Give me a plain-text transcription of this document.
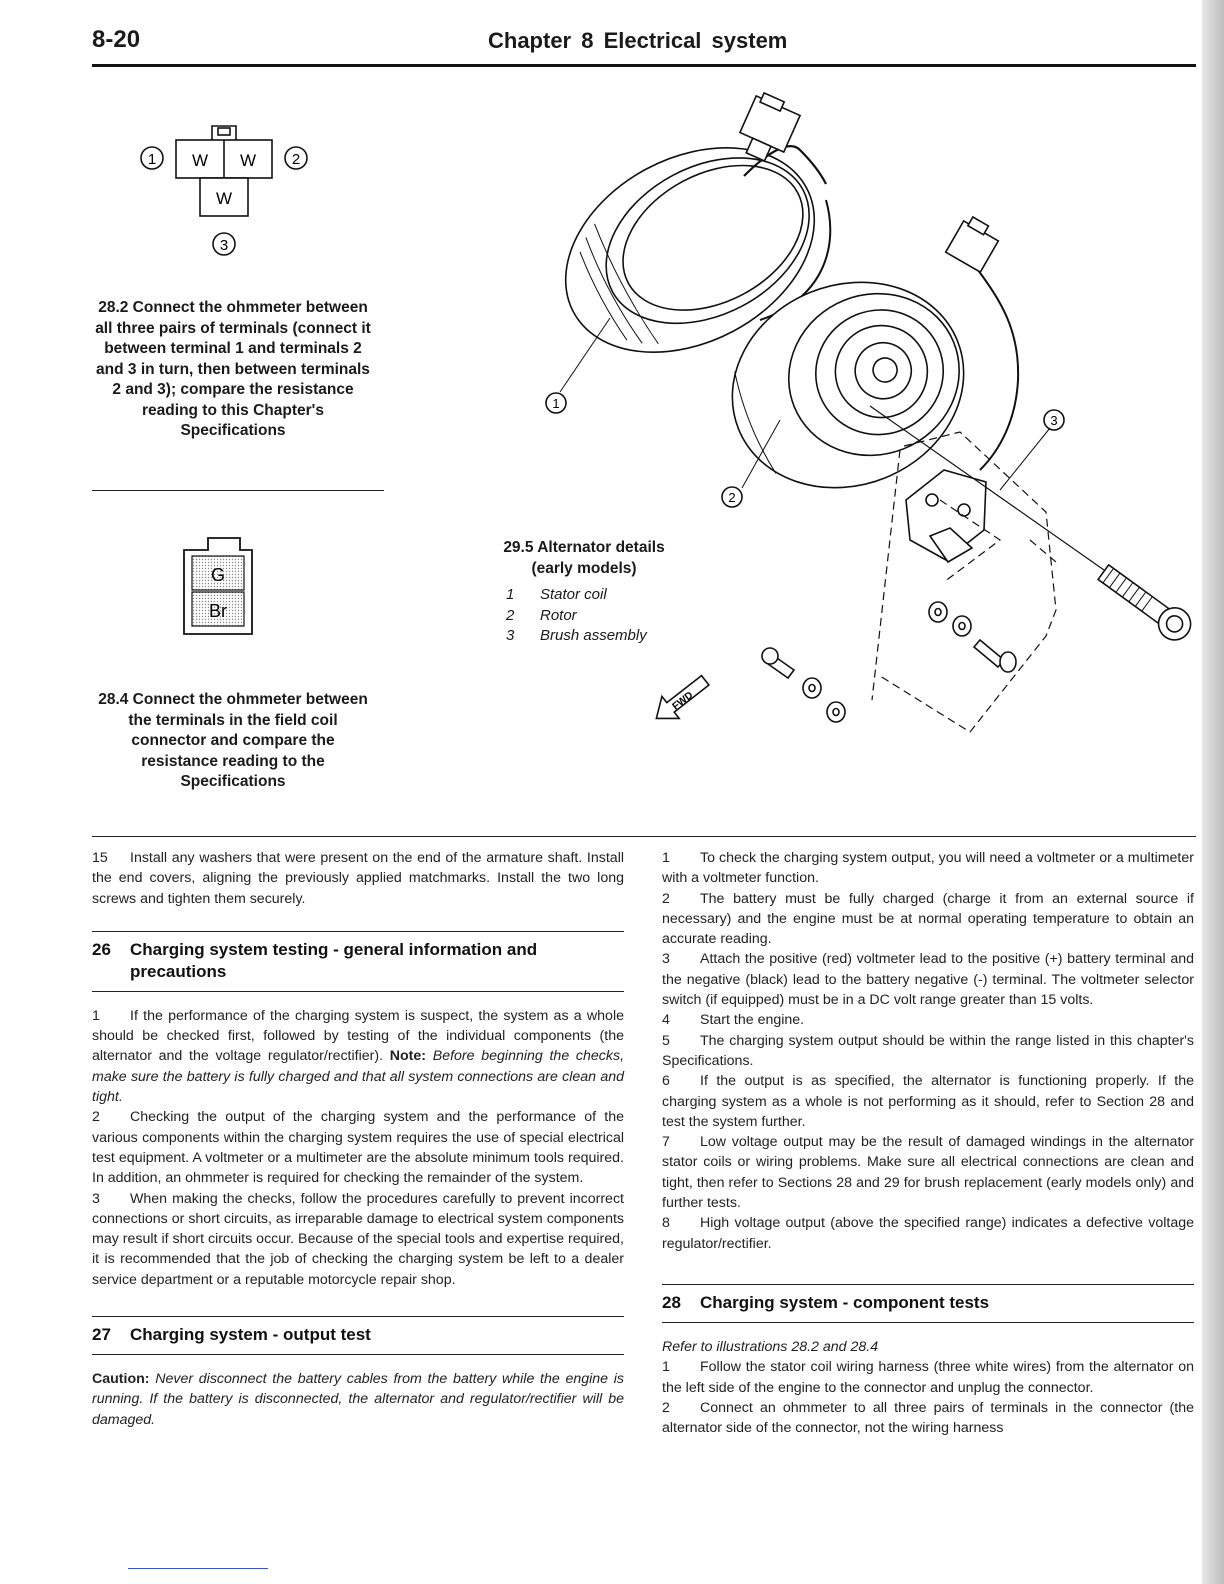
8-20	Chapter 8 Electrical system
1	2
3
W W
W
G
Br
1
2
3
FWD

28.2 Connect the ohmmeter between all three pairs of terminals (connect it between terminal 1 and terminals 2 and 3 in turn, then between terminals 2 and 3); compare the resistance reading to this Chapter's Specifications

28.4 Connect the ohmmeter between the terminals in the field coil connector and compare the resistance reading to the Specifications

29.5 Alternator details (early models)
1 Stator coil
2 Rotor
3 Brush assembly

15 Install any washers that were present on the end of the armature shaft. Install the end covers, aligning the previously applied matchmarks. Install the two long screws and tighten them securely.

26	Charging system testing - general information and precautions

1 If the performance of the charging system is suspect, the system as a whole should be checked first, followed by testing of the individual components (the alternator and the voltage regulator/rectifier). Note: Before beginning the checks, make sure the battery is fully charged and that all system connections are clean and tight.

2 Checking the output of the charging system and the performance of the various components within the charging system requires the use of special electrical test equipment. A voltmeter or a multimeter are the absolute minimum tools required. In addition, an ohmmeter is required for checking the remainder of the system.

3 When making the checks, follow the procedures carefully to prevent incorrect connections or short circuits, as irreparable damage to electrical system components may result if short circuits occur. Because of the special tools and expertise required, it is recommended that the job of checking the charging system be left to a dealer service department or a reputable motorcycle repair shop.

27	Charging system - output test

Caution: Never disconnect the battery cables from the battery while the engine is running. If the battery is disconnected, the alternator and regulator/rectifier will be damaged.

1 To check the charging system output, you will need a voltmeter or a multimeter with a voltmeter function.

2 The battery must be fully charged (charge it from an external source if necessary) and the engine must be at normal operating temperature to obtain an accurate reading.

3 Attach the positive (red) voltmeter lead to the positive (+) battery terminal and the negative (black) lead to the battery negative (-) terminal. The voltmeter selector switch (if equipped) must be in a DC volt range greater than 15 volts.

4 Start the engine.

5 The charging system output should be within the range listed in this chapter's Specifications.

6 If the output is as specified, the alternator is functioning properly. If the charging system as a whole is not performing as it should, refer to Section 28 and test the system further.

7 Low voltage output may be the result of damaged windings in the alternator stator coils or wiring problems. Make sure all electrical connections are clean and tight, then refer to Sections 28 and 29 for brush replacement (early models only) and further tests.

8 High voltage output (above the specified range) indicates a defective voltage regulator/rectifier.

28	Charging system - component tests

Refer to illustrations 28.2 and 28.4

1 Follow the stator coil wiring harness (three white wires) from the alternator on the left side of the engine to the connector and unplug the connector.

2 Connect an ohmmeter to all three pairs of terminals in the connector (the alternator side of the connector, not the wiring harness
